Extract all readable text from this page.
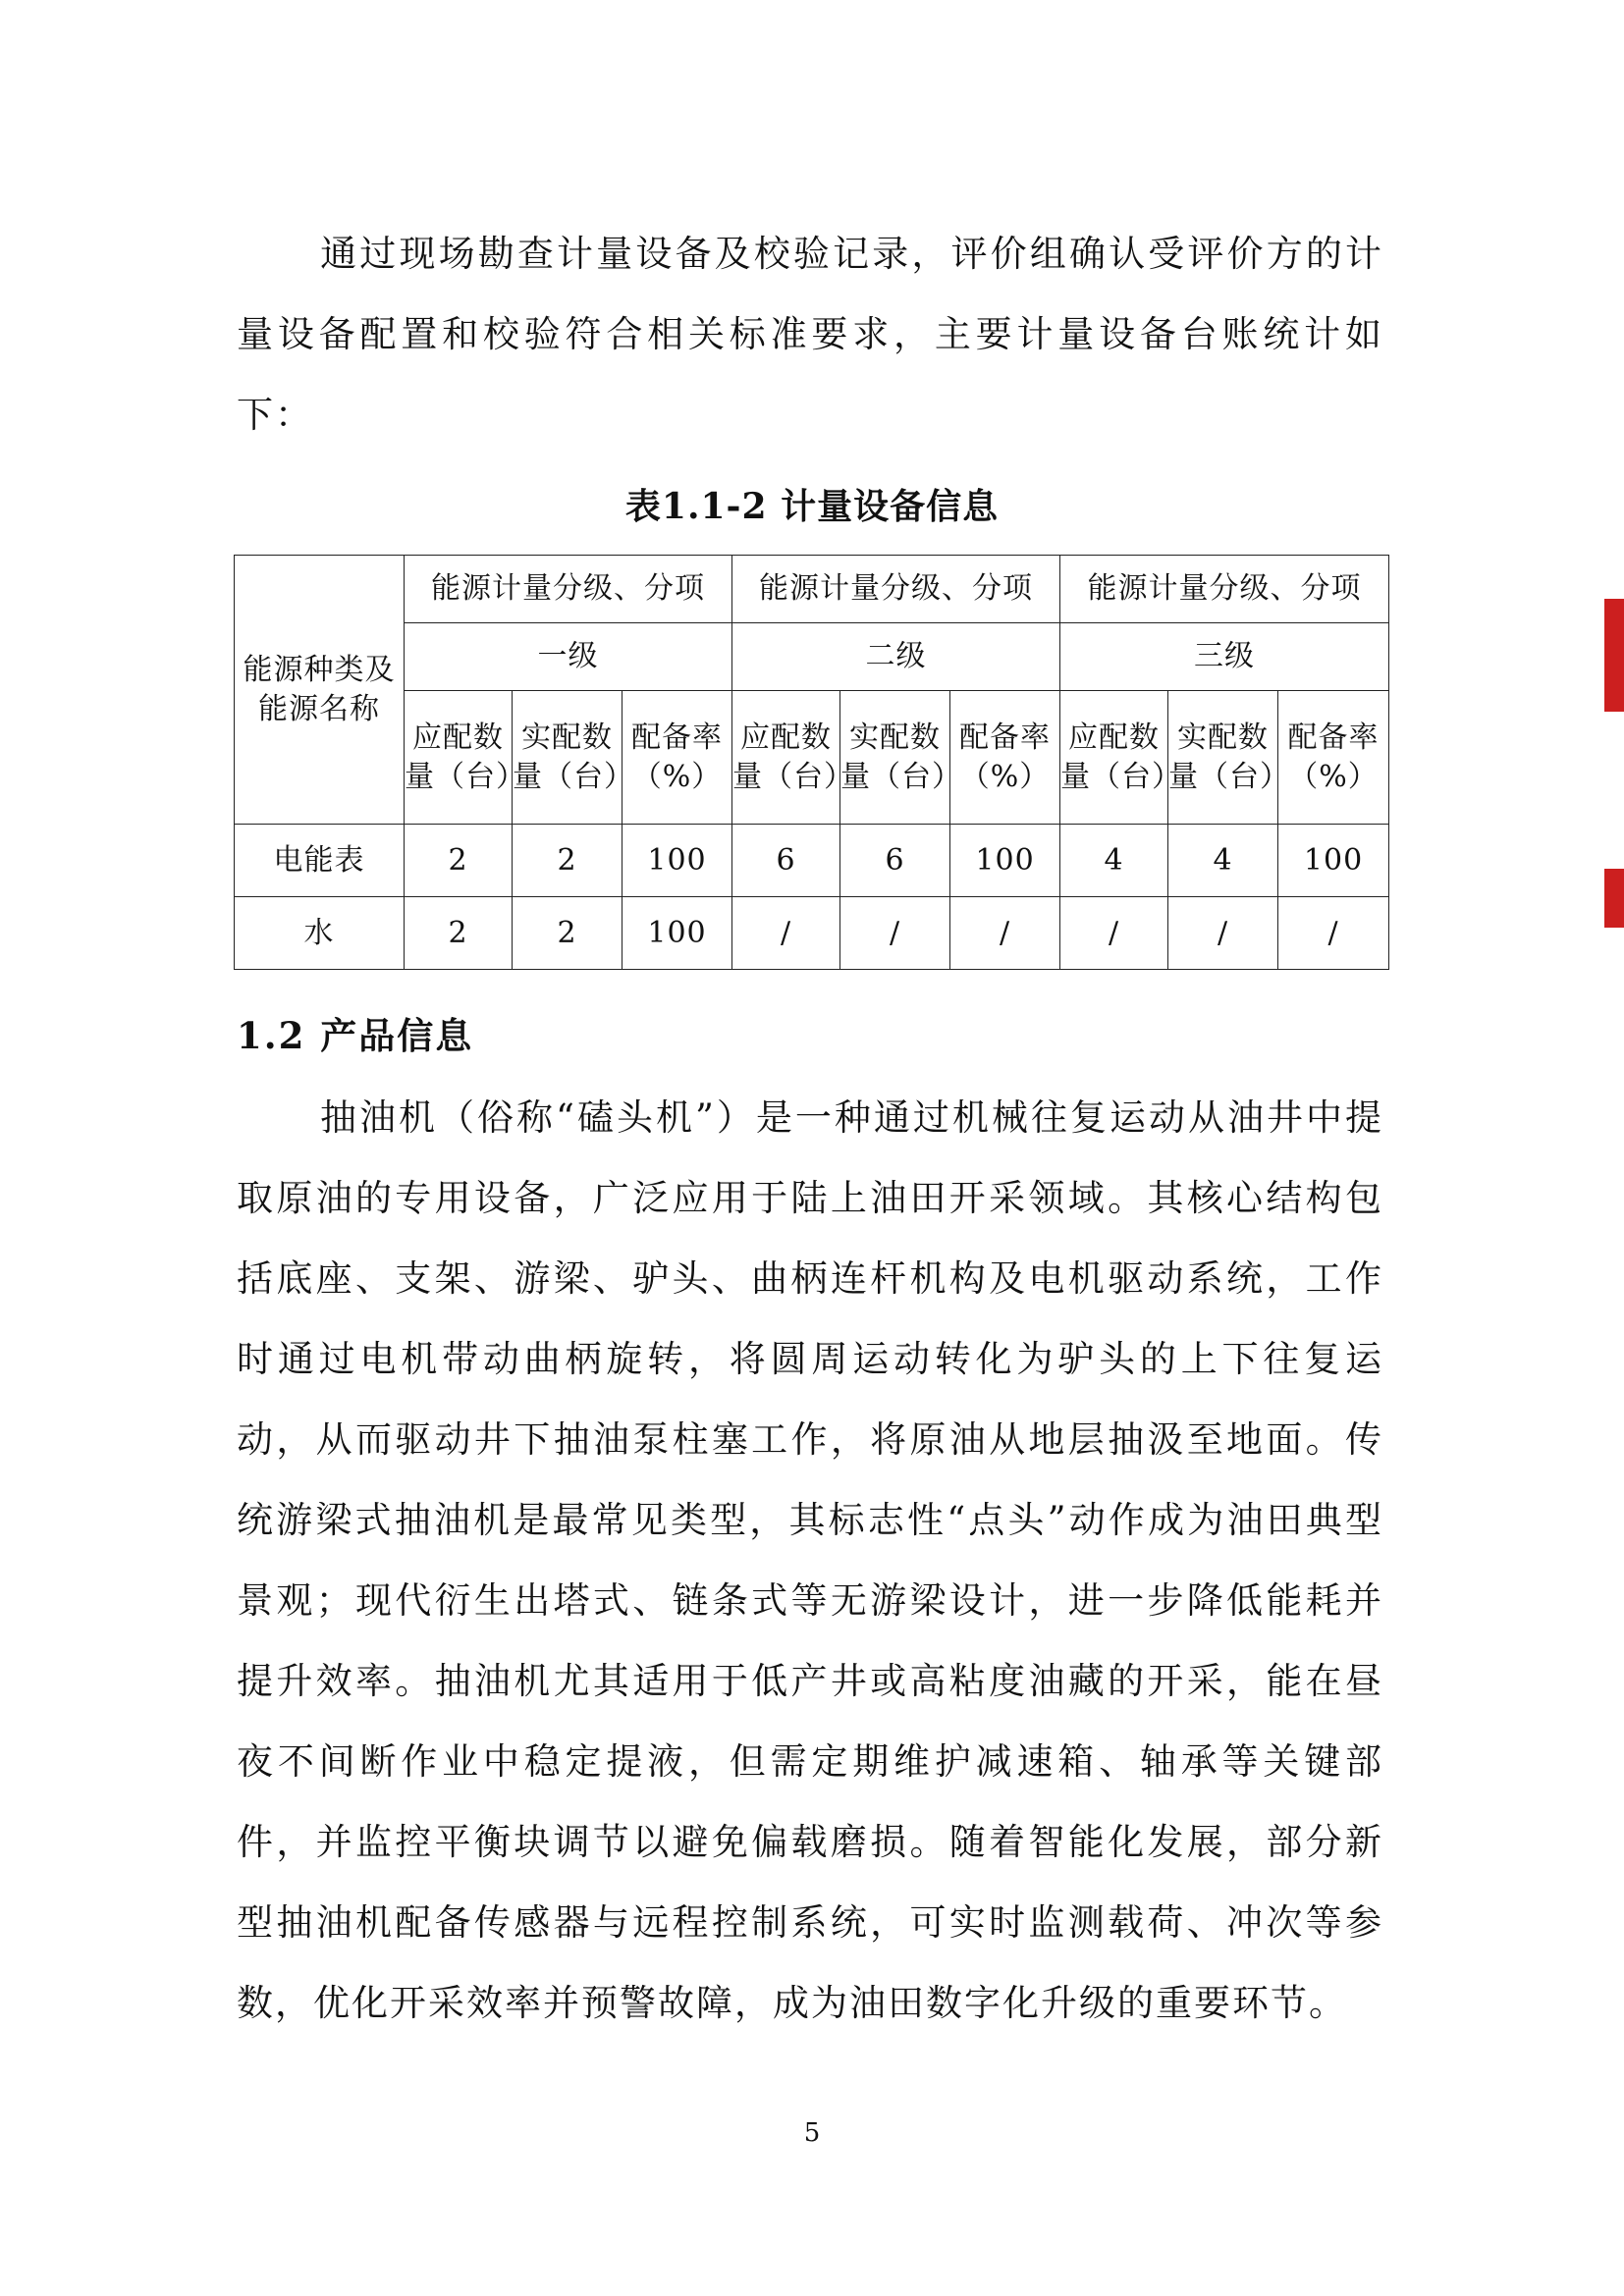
通过现场勘查计量设备及校验记录，评价组确认受评价方的计量设备配置和校验符合相关标准要求，主要计量设备台账统计如下：

表1.1-2 计量设备信息
能源种类及能源名称	能源计量分级、分项			能源计量分级、分项			能源计量分级、分项		
	一级			二级			三级		
	应配数量（台）	实配数量（台）	配备率（%）	应配数量（台）	实配数量（台）	配备率（%）	应配数量（台）	实配数量（台）	配备率（%）
电能表	2	2	100	6	6	100	4	4	100
水	2	2	100	/	/	/	/	/	/
1.2 产品信息

抽油机（俗称“磕头机”）是一种通过机械往复运动从油井中提取原油的专用设备，广泛应用于陆上油田开采领域。其核心结构包括底座、支架、游梁、驴头、曲柄连杆机构及电机驱动系统，工作时通过电机带动曲柄旋转，将圆周运动转化为驴头的上下往复运动，从而驱动井下抽油泵柱塞工作，将原油从地层抽汲至地面。传统游梁式抽油机是最常见类型，其标志性“点头”动作成为油田典型景观；现代衍生出塔式、链条式等无游梁设计，进一步降低能耗并提升效率。抽油机尤其适用于低产井或高粘度油藏的开采，能在昼夜不间断作业中稳定提液，但需定期维护减速箱、轴承等关键部件，并监控平衡块调节以避免偏载磨损。随着智能化发展，部分新型抽油机配备传感器与远程控制系统，可实时监测载荷、冲次等参数，优化开采效率并预警故障，成为油田数字化升级的重要环节。

5
